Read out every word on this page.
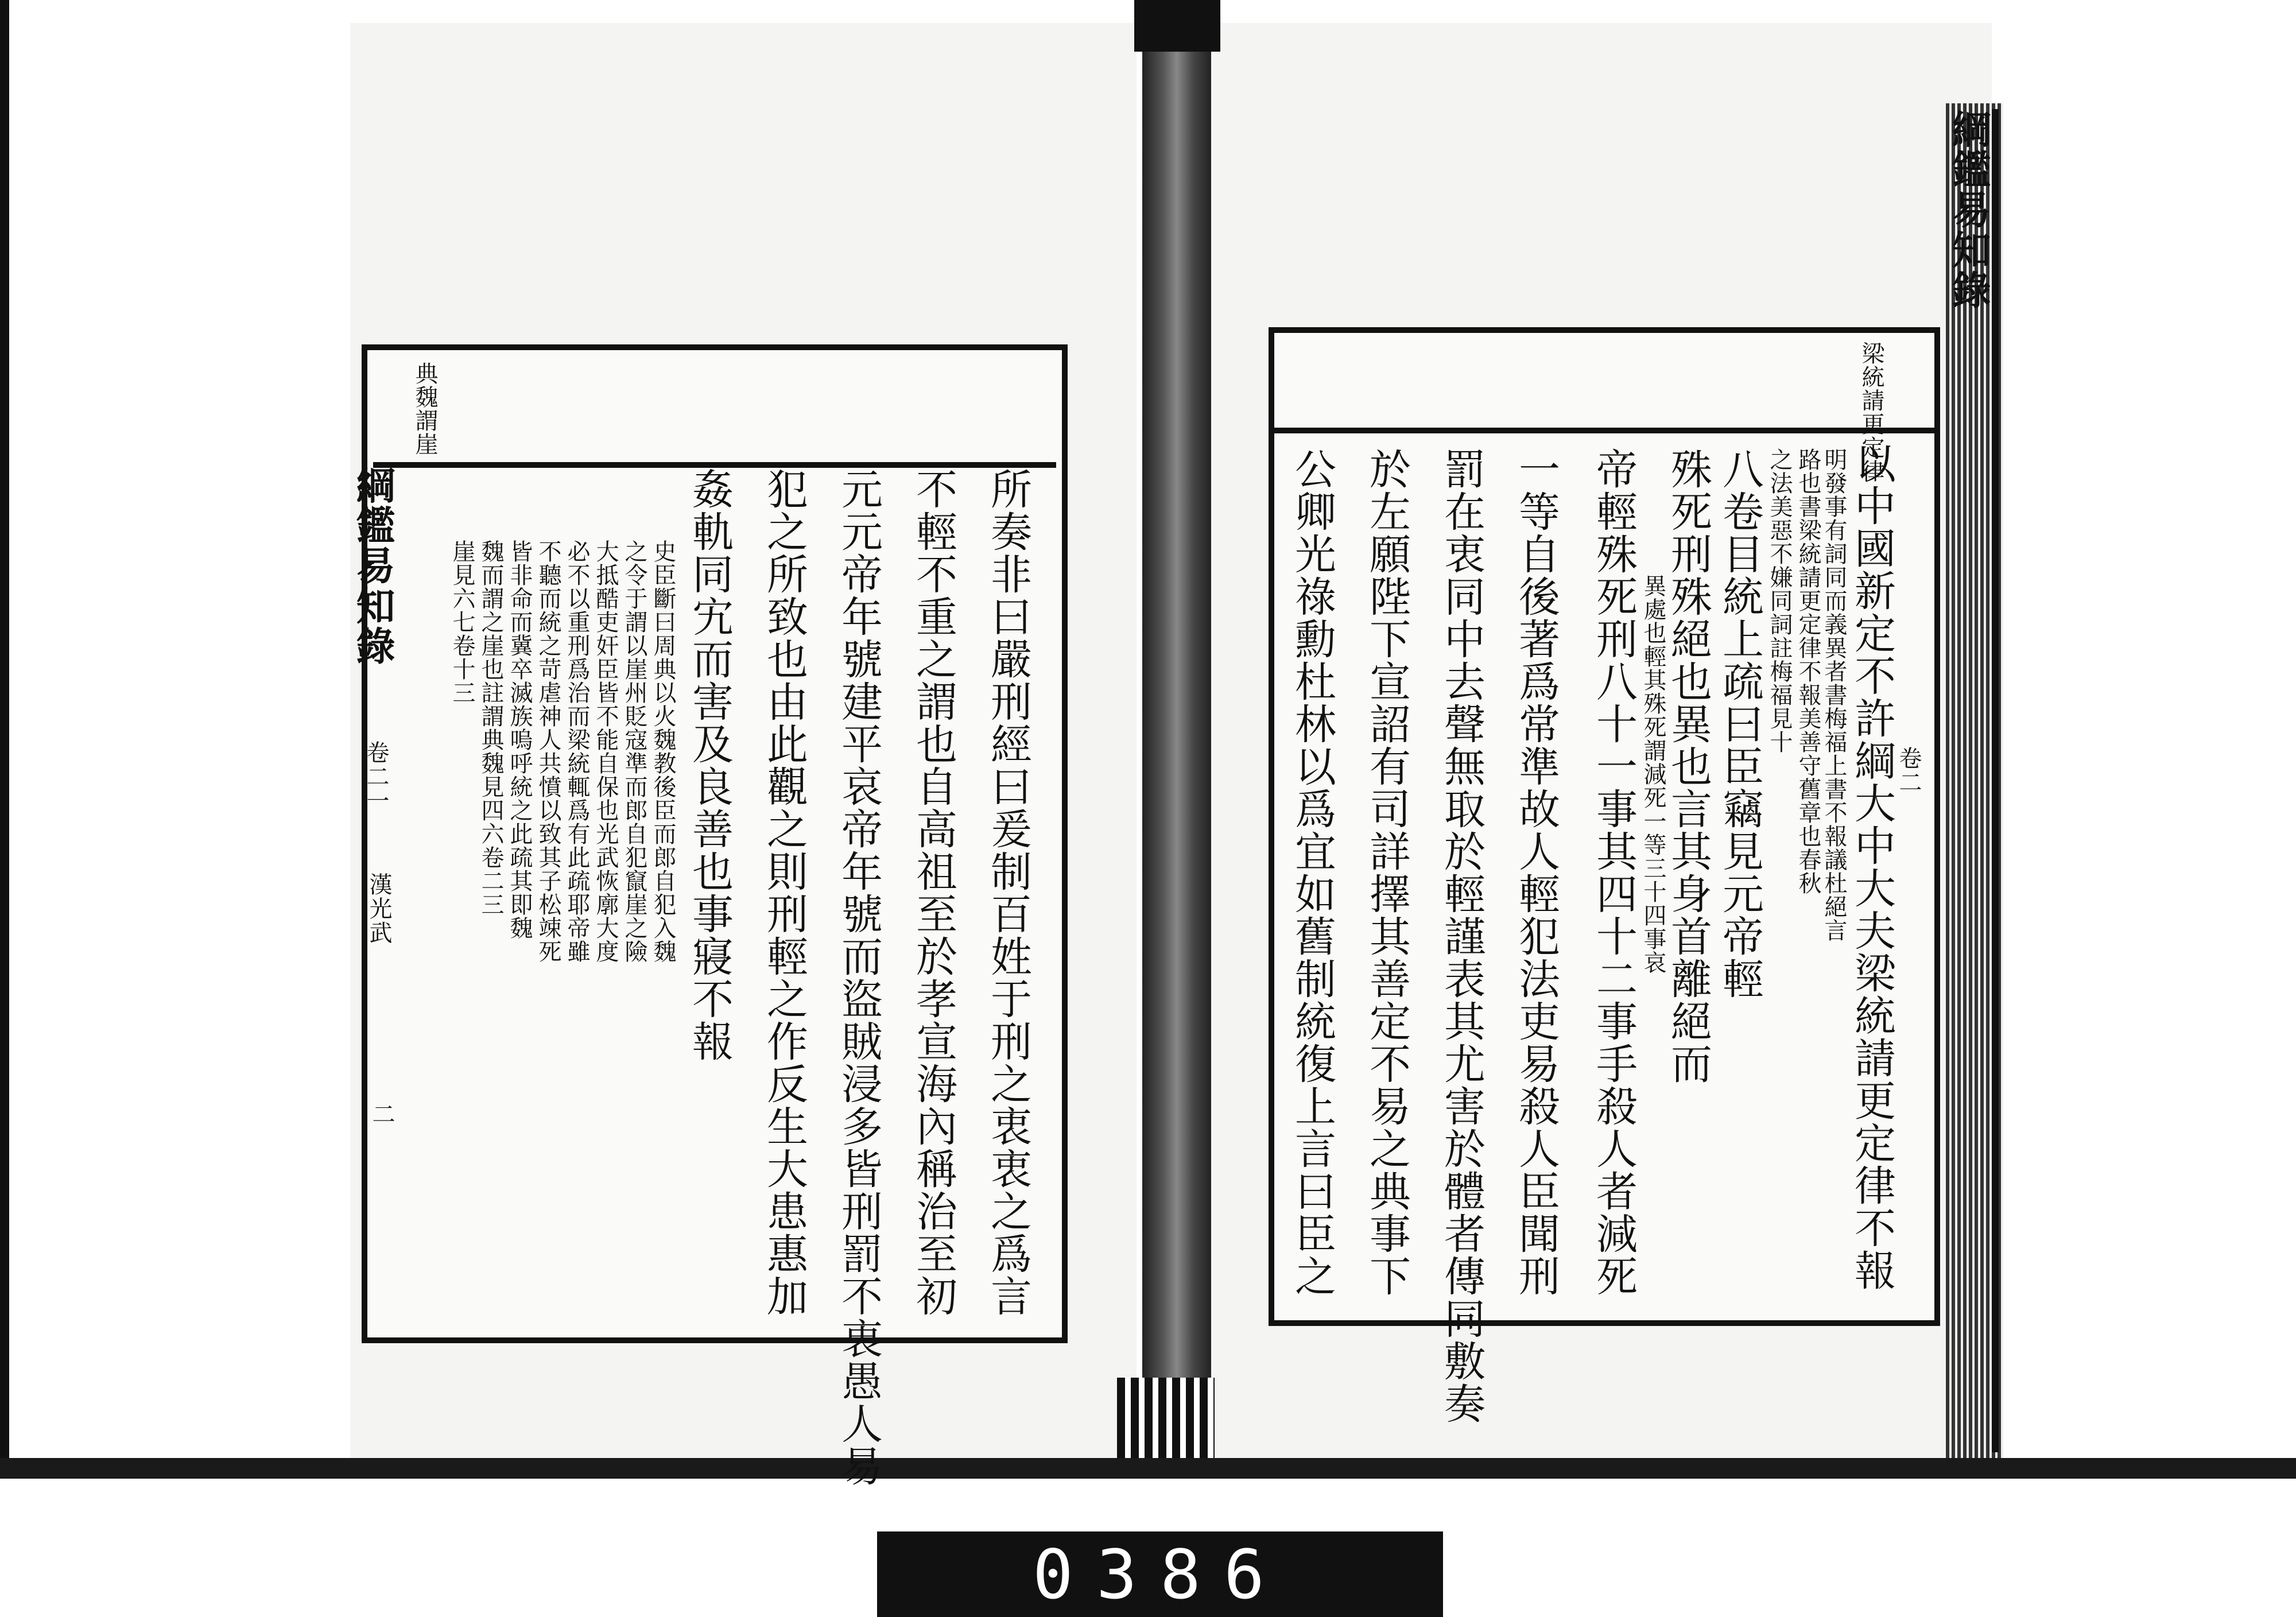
綱鑑易知錄
卷二
梁統請更定律
以中國新定不許綱大中大夫梁統請更定律不報
明發事有詞同而義異者書梅福上書不報議杜絕言
路也書梁統請更定律不報美善守舊章也春秋
之法美惡不嫌同詞註梅福見十
八卷目統上疏曰臣竊見元帝輕
殊死刑殊絕也異也言其身首離絕而
異處也輕其殊死謂減死一等三十四事哀
帝輕殊死刑八十一事其四十二事手殺人者減死
一等自後著爲常準故人輕犯法吏易殺人臣聞刑
罰在衷同中去聲無取於輕謹表其尤害於體者傳同敷奏
於左願陛下宣詔有司詳擇其善定不易之典事下
公卿光祿勳杜林以爲宜如舊制統復上言曰臣之
綱鑑易知錄
卷二一
漢光武
二
典魏謂崖
所奏非曰嚴刑經曰爰制百姓于刑之衷衷之爲言
不輕不重之謂也自高祖至於孝宣海內稱治至初
元元帝年號建平哀帝年號而盜賊浸多皆刑罰不衷愚人易
犯之所致也由此觀之則刑輕之作反生大患惠加
姦軌同宄而害及良善也事寢不報
史臣斷曰周典以火魏教後臣而郎自犯入魏
之令于謂以崖州貶寇準而郎自犯竄崖之險
大抵酷吏奸臣皆不能自保也光武恢廓大度
必不以重刑爲治而梁統輒爲有此疏耶帝雖
不聽而統之苛虐神人共憤以致其子松竦死
皆非命而冀卒滅族嗚呼統之此疏其即魏
魏而謂之崖也註謂典魏見四六卷二三
崖見六七卷十三
0386
